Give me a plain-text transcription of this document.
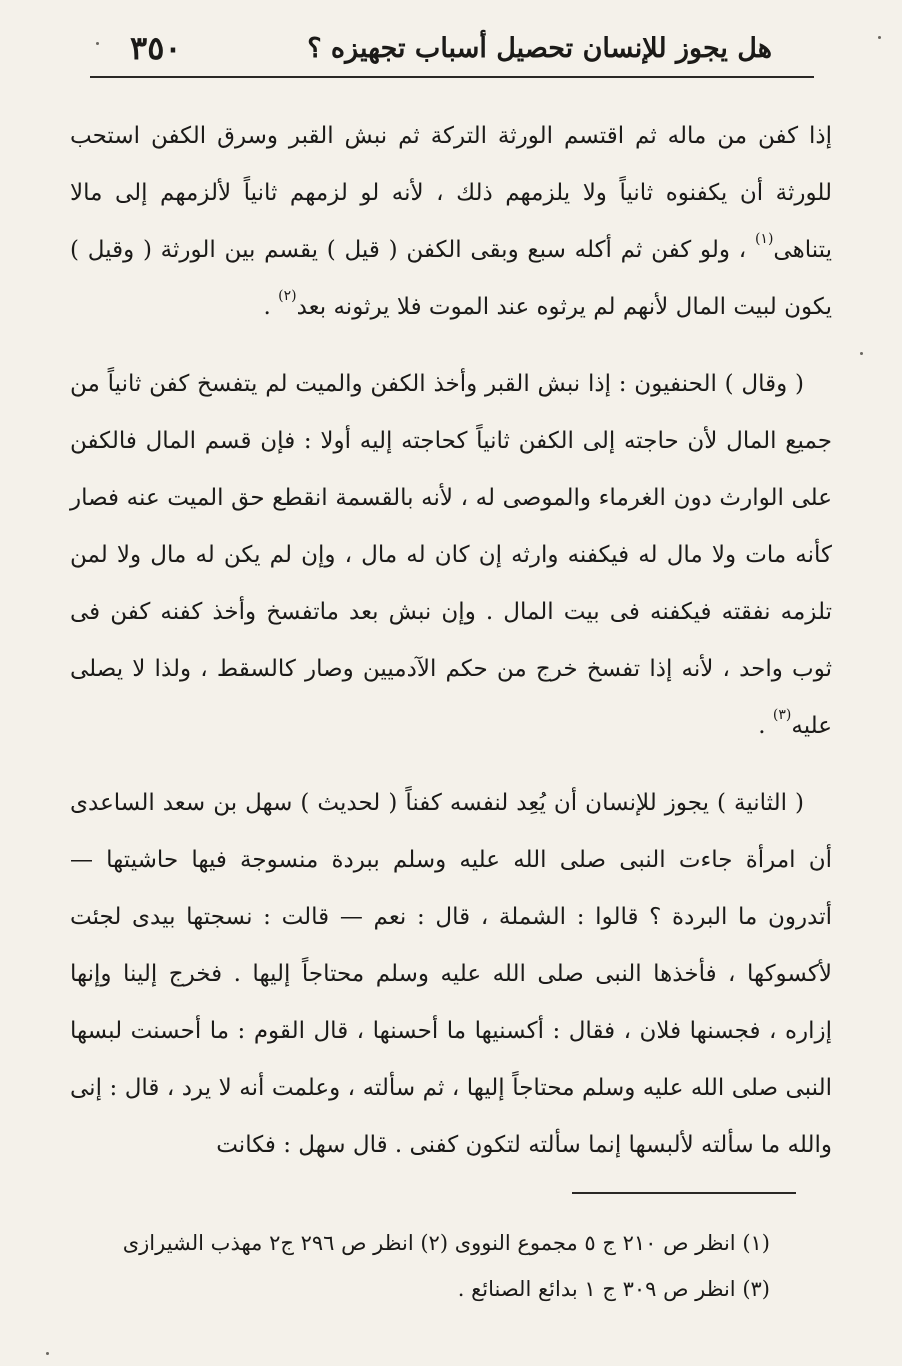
هل يجوز للإنسان تحصيل أسباب تجهيزه ؟
٣٥٠

إذا كفن من ماله ثم اقتسم الورثة التركة ثم نبش القبر وسرق الكفن استحب للورثة أن يكفنوه ثانياً ولا يلزمهم ذلك ، لأنه لو لزمهم ثانياً لألزمهم إلى مالا يتناهى$^{(١)}$ ، ولو كفن ثم أكله سبع وبقى الكفن ( قيل ) يقسم بين الورثة ( وقيل ) يكون لبيت المال لأنهم لم يرثوه عند الموت فلا يرثونه بعد$^{(٢)}$ .

( وقال ) الحنفيون : إذا نبش القبر وأخذ الكفن والميت لم يتفسخ كفن ثانياً من جميع المال لأن حاجته إلى الكفن ثانياً كحاجته إليه أولا : فإن قسم المال فالكفن على الوارث دون الغرماء والموصى له ، لأنه بالقسمة انقطع حق الميت عنه فصار كأنه مات ولا مال له فيكفنه وارثه إن كان له مال ، وإن لم يكن له مال ولا لمن تلزمه نفقته فيكفنه فى بيت المال . وإن نبش بعد ماتفسخ وأخذ كفنه كفن فى ثوب واحد ، لأنه إذا تفسخ خرج من حكم الآدميين وصار كالسقط ، ولذا لا يصلى عليه$^{(٣)}$ .

( الثانية ) يجوز للإنسان أن يُعِد لنفسه كفناً ( لحديث ) سهل بن سعد الساعدى أن امرأة جاءت النبى صلى الله عليه وسلم ببردة منسوجة فيها حاشيتها — أتدرون ما البردة ؟ قالوا : الشملة ، قال : نعم — قالت : نسجتها بيدى لجئت لأكسوكها ، فأخذها النبى صلى الله عليه وسلم محتاجاً إليها . فخرج إلينا وإنها إزاره ، فجسنها فلان ، فقال : أكسنيها ما أحسنها ، قال القوم : ما أحسنت لبسها النبى صلى الله عليه وسلم محتاجاً إليها ، ثم سألته ، وعلمت أنه لا يرد ، قال : إنى والله ما سألته لألبسها إنما سألته لتكون كفنى . قال سهل : فكانت

(١) انظر ص ٢١٠ ج ٥ مجموع النووى (٢) انظر ص ٢٩٦ ج٢ مهذب الشيرازى

(٣) انظر ص ٣٠٩ ج ١ بدائع الصنائع .
